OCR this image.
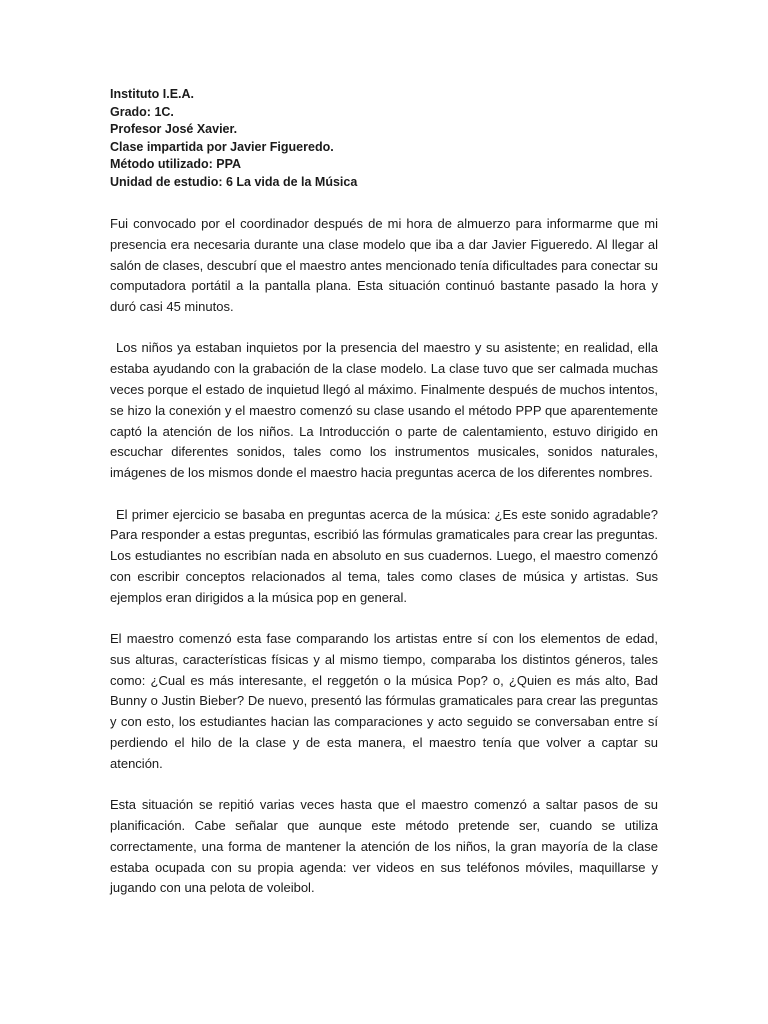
Instituto I.E.A.
Grado: 1C.
Profesor José Xavier.
Clase impartida por Javier Figueredo.
Método utilizado: PPA
Unidad de estudio: 6 La vida de la Música

Fui convocado por el coordinador después de mi hora de almuerzo para informarme que mi presencia era necesaria durante una clase modelo que iba a dar Javier Figueredo. Al llegar al salón de clases, descubrí que el maestro antes mencionado tenía dificultades para conectar su computadora portátil a la pantalla plana. Esta situación continuó bastante pasado la hora y duró casi 45 minutos.

Los niños ya estaban inquietos por la presencia del maestro y su asistente; en realidad, ella estaba ayudando con la grabación de la clase modelo. La clase tuvo que ser calmada muchas veces porque el estado de inquietud llegó al máximo. Finalmente después de muchos intentos, se hizo la conexión y el maestro comenzó su clase usando el método PPP que aparentemente captó la atención de los niños. La Introducción o parte de calentamiento, estuvo dirigido en escuchar diferentes sonidos, tales como los instrumentos musicales, sonidos naturales, imágenes de los mismos donde el maestro hacia preguntas acerca de los diferentes nombres.

El primer ejercicio se basaba en preguntas acerca de la música: ¿Es este sonido agradable? Para responder a estas preguntas, escribió las fórmulas gramaticales para crear las preguntas. Los estudiantes no escribían nada en absoluto en sus cuadernos. Luego, el maestro comenzó con escribir conceptos relacionados al tema, tales como clases de música y artistas. Sus ejemplos eran dirigidos a la música pop en general.

El maestro comenzó esta fase comparando los artistas entre sí con los elementos de edad, sus alturas, características físicas y al mismo tiempo, comparaba los distintos géneros, tales como: ¿Cual es más interesante, el reggetón o la música Pop? o, ¿Quien es más alto, Bad Bunny o Justin Bieber? De nuevo, presentó las fórmulas gramaticales para crear las preguntas y con esto, los estudiantes hacian las comparaciones y acto seguido se conversaban entre sí perdiendo el hilo de la clase y de esta manera, el maestro tenía que volver a captar su atención.

Esta situación se repitió varias veces hasta que el maestro comenzó a saltar pasos de su planificación. Cabe señalar que aunque este método pretende ser, cuando se utiliza correctamente, una forma de mantener la atención de los niños, la gran mayoría de la clase estaba ocupada con su propia agenda: ver videos en sus teléfonos móviles, maquillarse y jugando con una pelota de voleibol.
